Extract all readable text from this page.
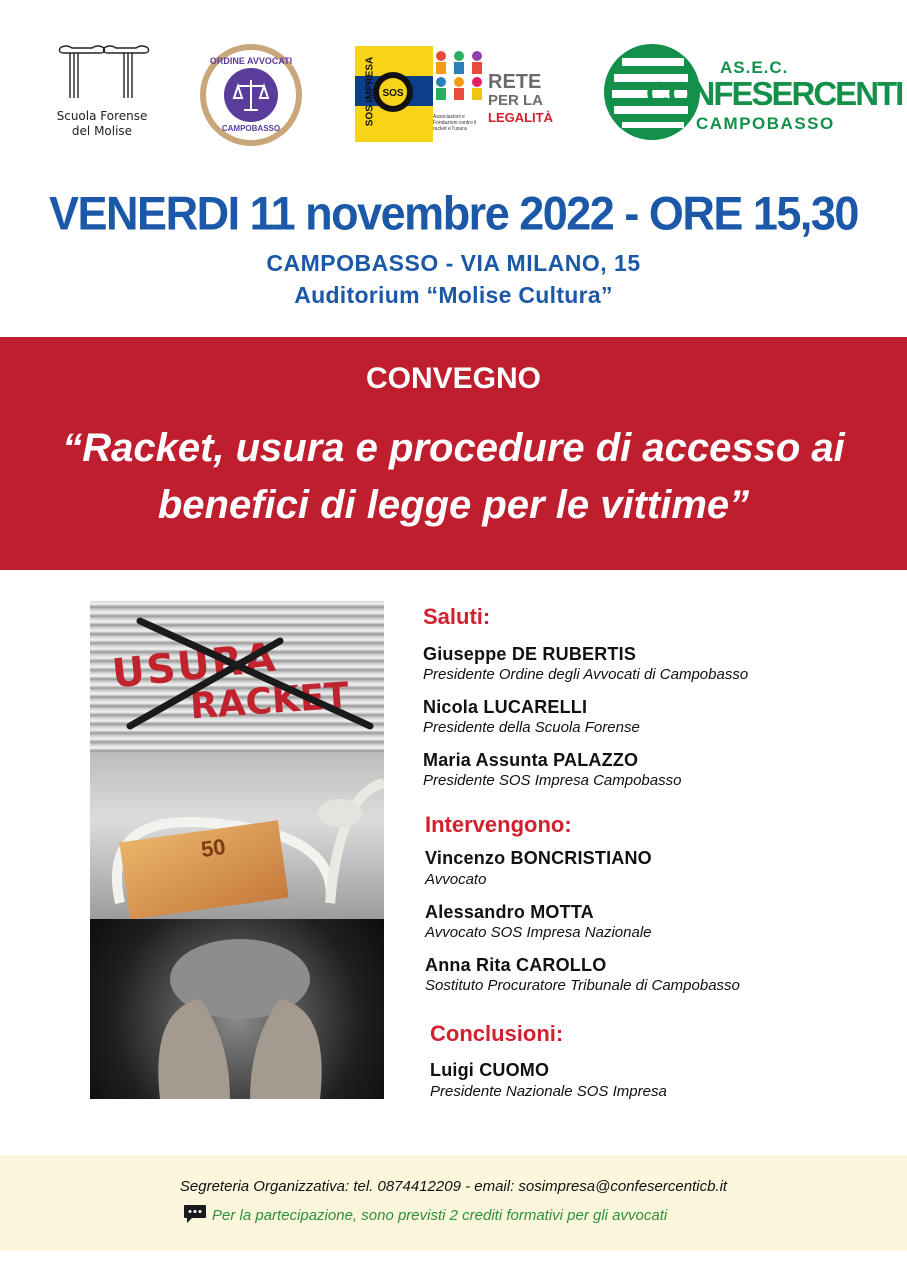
Scuola Forense
del Molise
ORDINE AVVOCATI
CAMPOBASSO
SOS
SOS IMPRESA	Associazioni e Fondazioni contro il racket e l'usura
RETE
PER LA
LEGALITÀ
AS.E.C.
CONFESERCENTI
CAMPOBASSO
VENERDI 11 novembre 2022 - ORE 15,30
CAMPOBASSO - VIA MILANO, 15
Auditorium “Molise Cultura”
CONVEGNO
“Racket, usura e procedure di accesso ai
benefici di legge per le vittime”
USURA
RACKET
50
Saluti:
Giuseppe DE RUBERTIS
Presidente Ordine degli Avvocati di Campobasso
Nicola LUCARELLI
Presidente della Scuola Forense
Maria Assunta PALAZZO
Presidente SOS Impresa Campobasso
Intervengono:
Vincenzo BONCRISTIANO
Avvocato
Alessandro MOTTA
Avvocato SOS Impresa Nazionale
Anna Rita CAROLLO
Sostituto Procuratore Tribunale di Campobasso
Conclusioni:
Luigi CUOMO
Presidente Nazionale SOS Impresa
Segreteria Organizzativa: tel. 0874412209 - email: sosimpresa@confesercenticb.it
Per la partecipazione, sono previsti 2 crediti formativi per gli avvocati
